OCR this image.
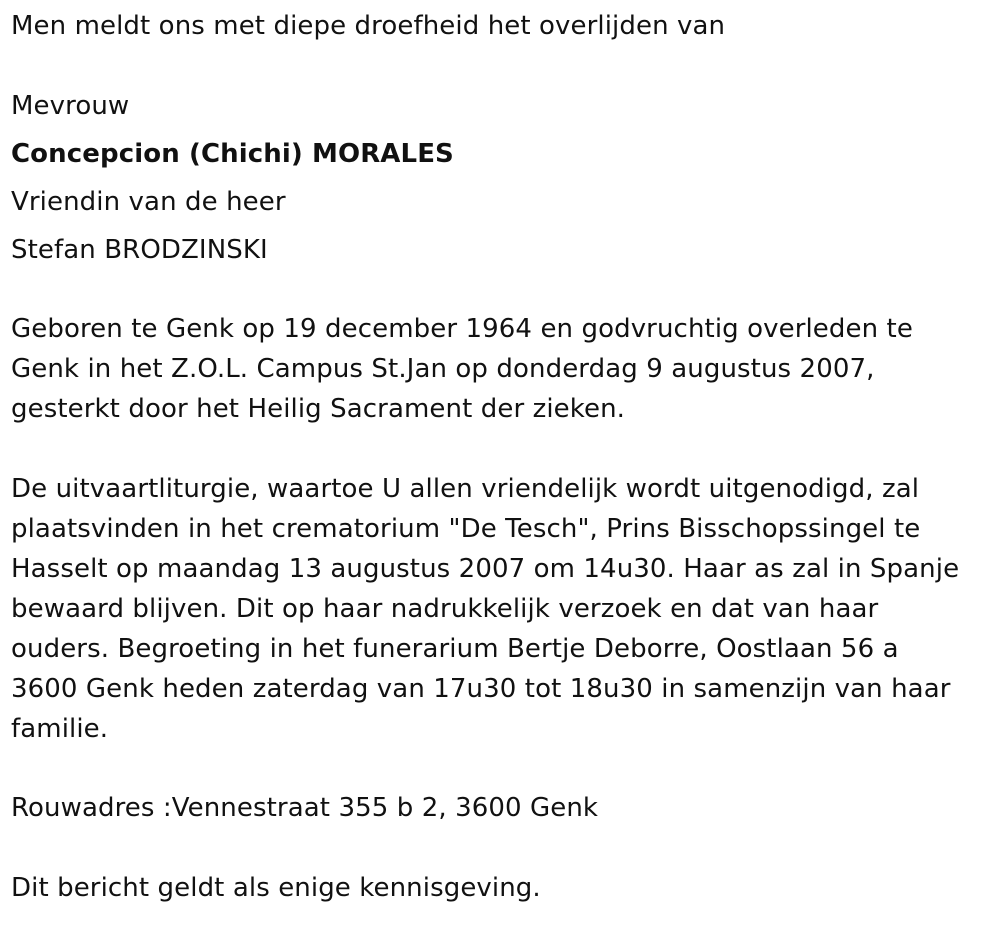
Men meldt ons met diepe droefheid het overlijden van
Mevrouw
Concepcion (Chichi) MORALES
Vriendin van de heer
Stefan BRODZINSKI
Geboren te Genk op 19 december 1964 en godvruchtig overleden te
Genk in het Z.O.L. Campus St.Jan op donderdag 9 augustus 2007,
gesterkt door het Heilig Sacrament der zieken.
De uitvaartliturgie, waartoe U allen vriendelijk wordt uitgenodigd, zal
plaatsvinden in het crematorium "De Tesch", Prins Bisschopssingel te
Hasselt op maandag 13 augustus 2007 om 14u30. Haar as zal in Spanje
bewaard blijven. Dit op haar nadrukkelijk verzoek en dat van haar
ouders. Begroeting in het funerarium Bertje Deborre, Oostlaan 56 a
3600 Genk heden zaterdag van 17u30 tot 18u30 in samenzijn van haar
familie.
Rouwadres :Vennestraat 355 b 2, 3600 Genk
Dit bericht geldt als enige kennisgeving.
